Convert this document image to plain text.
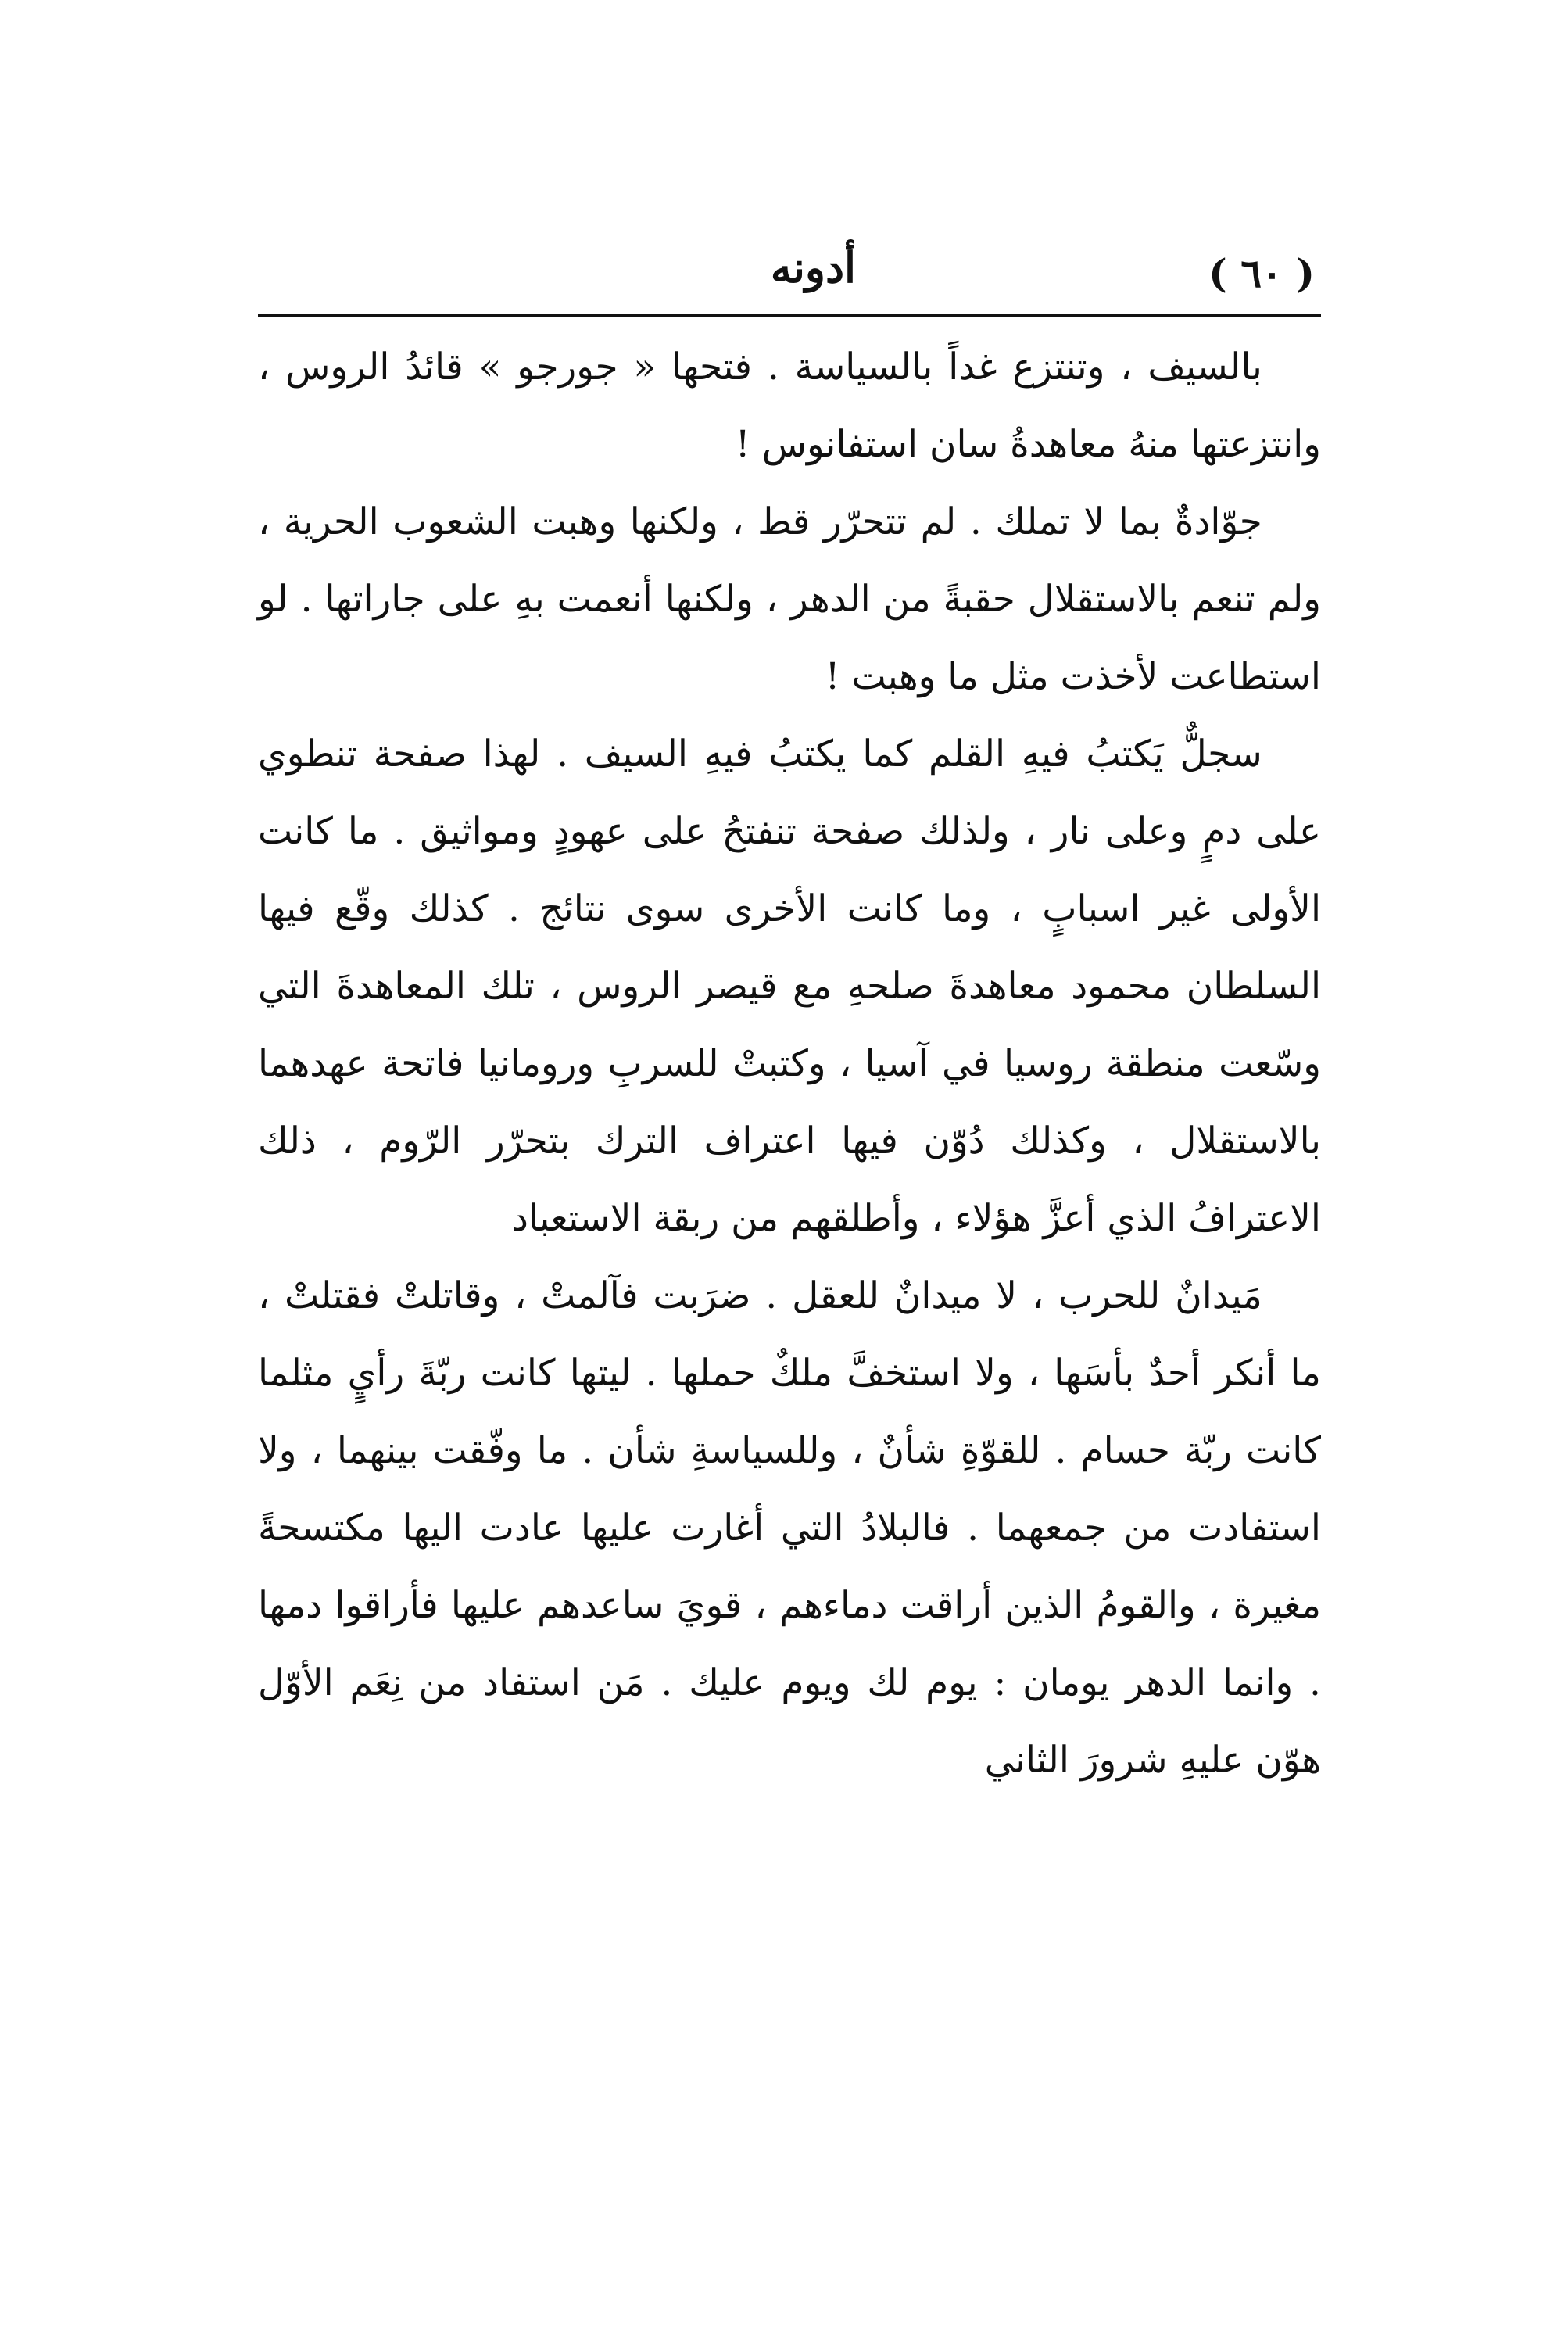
( ٦٠ )
أدونه

بالسيف ، وتنتزع غداً بالسياسة . فتحها « جورجو » قائدُ الروس ، وانتزعتها منهُ معاهدةُ سان استفانوس !

جوّادةٌ بما لا تملك . لم تتحرّر قط ، ولكنها وهبت الشعوب الحرية ، ولم تنعم بالاستقلال حقبةً من الدهر ، ولكنها أنعمت بهِ على جاراتها . لو استطاعت لأخذت مثل ما وهبت !

سجلٌّ يَكتبُ فيهِ القلم كما يكتبُ فيهِ السيف . لهذا صفحة تنطوي على دمٍ وعلى نار ، ولذلك صفحة تنفتحُ على عهودٍ ومواثيق . ما كانت الأولى غير اسبابٍ ، وما كانت الأخرى سوى نتائج . كذلك وقّع فيها السلطان محمود معاهدةَ صلحهِ مع قيصر الروس ، تلك المعاهدةَ التي وسّعت منطقة روسيا في آسيا ، وكتبتْ للسربِ ورومانيا فاتحة عهدهما بالاستقلال ، وكذلك دُوّن فيها اعتراف الترك بتحرّر الرّوم ، ذلك الاعترافُ الذي أعزَّ هؤلاء ، وأطلقهم من ربقة الاستعباد

مَيدانٌ للحرب ، لا ميدانٌ للعقل . ضرَبت فآلمتْ ، وقاتلتْ فقتلتْ ، ما أنكر أحدٌ بأسَها ، ولا استخفَّ ملكٌ حملها . ليتها كانت ربّةَ رأيٍ مثلما كانت ربّة حسام . للقوّةِ شأنٌ ، وللسياسةِ شأن . ما وفّقت بينهما ، ولا استفادت من جمعهما . فالبلادُ التي أغارت عليها عادت اليها مكتسحةً مغيرة ، والقومُ الذين أراقت دماءهم ، قويَ ساعدهم عليها فأراقوا دمها . وانما الدهر يومان : يوم لك ويوم عليك . مَن استفاد من نِعَم الأوّل هوّن عليهِ شرورَ الثاني
